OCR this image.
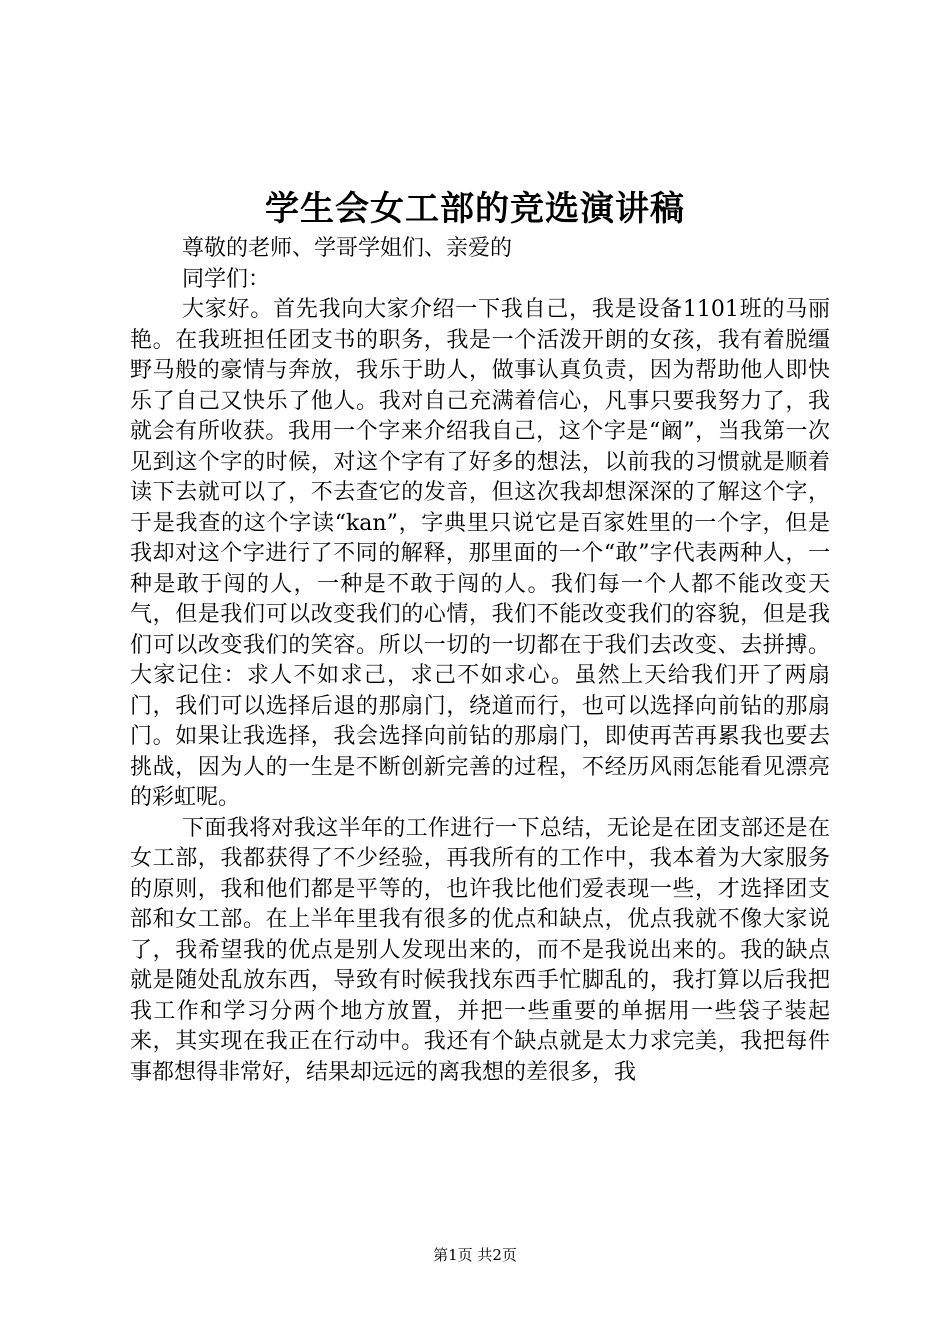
学生会女工部的竞选演讲稿

尊敬的老师、学哥学姐们、亲爱的

同学们：

大家好。首先我向大家介绍一下我自己，我是设备1101班的马丽艳。在我班担任团支书的职务，我是一个活泼开朗的女孩，我有着脱缰野马般的豪情与奔放，我乐于助人，做事认真负责，因为帮助他人即快乐了自己又快乐了他人。我对自己充满着信心，凡事只要我努力了，我就会有所收获。我用一个字来介绍我自己，这个字是“阚”，当我第一次见到这个字的时候，对这个字有了好多的想法，以前我的习惯就是顺着读下去就可以了，不去查它的发音，但这次我却想深深的了解这个字，于是我查的这个字读“kan”，字典里只说它是百家姓里的一个字，但是我却对这个字进行了不同的解释，那里面的一个“敢”字代表两种人，一种是敢于闯的人，一种是不敢于闯的人。我们每一个人都不能改变天气，但是我们可以改变我们的心情，我们不能改变我们的容貌，但是我们可以改变我们的笑容。所以一切的一切都在于我们去改变、去拼搏。大家记住：求人不如求己，求己不如求心。虽然上天给我们开了两扇门，我们可以选择后退的那扇门，绕道而行，也可以选择向前钻的那扇门。如果让我选择，我会选择向前钻的那扇门，即使再苦再累我也要去挑战，因为人的一生是不断创新完善的过程，不经历风雨怎能看见漂亮的彩虹呢。

下面我将对我这半年的工作进行一下总结，无论是在团支部还是在女工部，我都获得了不少经验，再我所有的工作中，我本着为大家服务的原则，我和他们都是平等的，也许我比他们爱表现一些，才选择团支部和女工部。在上半年里我有很多的优点和缺点，优点我就不像大家说了，我希望我的优点是别人发现出来的，而不是我说出来的。我的缺点就是随处乱放东西，导致有时候我找东西手忙脚乱的，我打算以后我把我工作和学习分两个地方放置，并把一些重要的单据用一些袋子装起来，其实现在我正在行动中。我还有个缺点就是太力求完美，我把每件事都想得非常好，结果却远远的离我想的差很多，我

第1页 共2页
